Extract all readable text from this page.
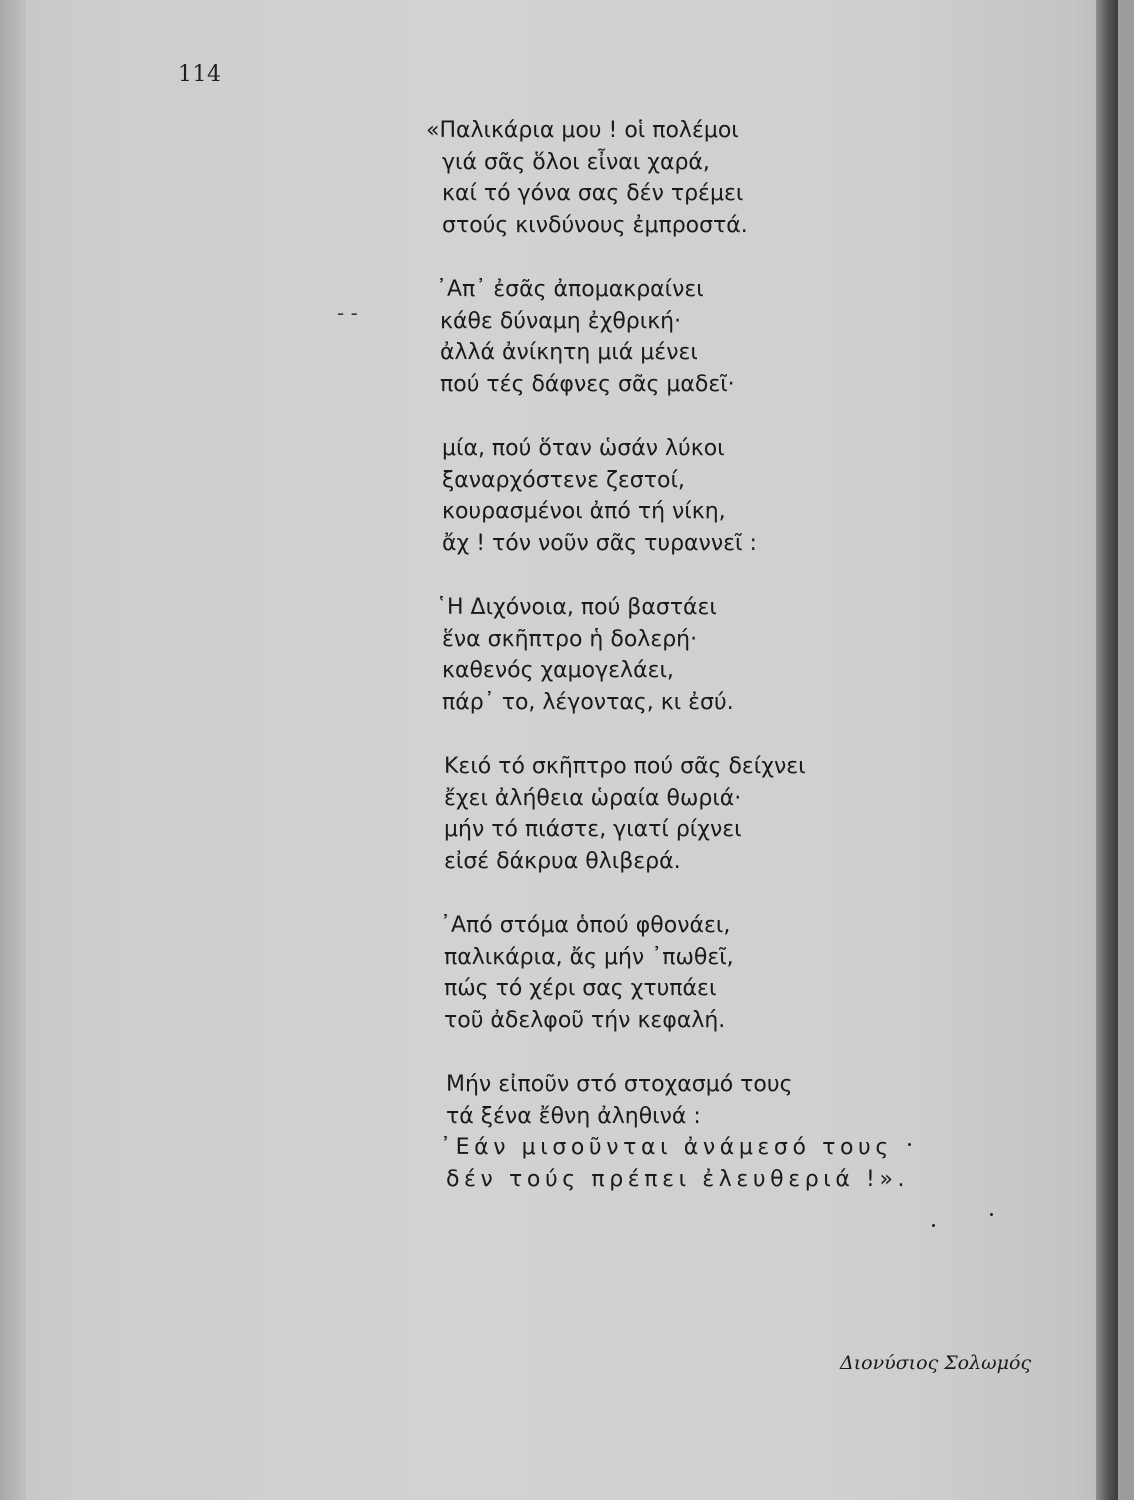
114
- -
«Παλικάρια μου ! οἱ πολέμοι
γιά σᾶς ὅλοι εἶναι χαρά,
καί τό γόνα σας δέν τρέμει
στούς κινδύνους ἐμπροστά.
᾿Απ᾿ ἐσᾶς ἀπομακραίνει
κάθε δύναμη ἐχθρική·
ἀλλά ἀνίκητη μιά μένει
πού τές δάφνες σᾶς μαδεῖ·
μία, πού ὅταν ὡσάν λύκοι
ξαναρχόστενε ζεστοί,
κουρασμένοι ἀπό τή νίκη,
ἄχ ! τόν νοῦν σᾶς τυραννεῖ :
῾Η Διχόνοια, πού βαστάει
ἕνα σκῆπτρο ἡ δολερή·
καθενός χαμογελάει,
πάρ᾿ το, λέγοντας, κι ἐσύ.
Κειό τό σκῆπτρο πού σᾶς δείχνει
ἔχει ἀλήθεια ὡραία θωριά·
μήν τό πιάστε, γιατί ρίχνει
εἰσέ δάκρυα θλιβερά.
᾿Από στόμα ὁπού φθονάει,
παλικάρια, ἄς μήν ᾿πωθεῖ,
πώς τό χέρι σας χτυπάει
τοῦ ἀδελφοῦ τήν κεφαλή.
Μήν εἰποῦν στό στοχασμό τους
τά ξένα ἔθνη ἀληθινά :
᾿Εάν μισοῦνται ἀνάμεσό τους
δέν τούς πρέπει ἐλευθεριά !».
Διονύσιος Σολωμός
